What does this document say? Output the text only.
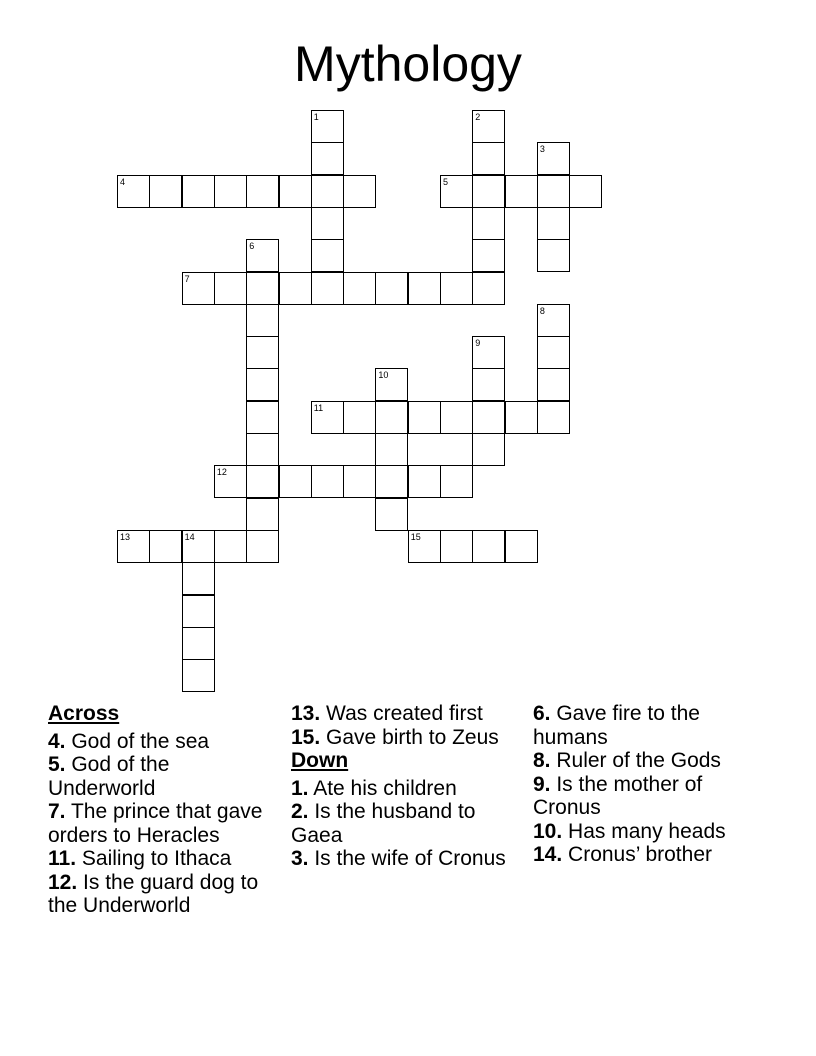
Mythology
1	2
3
4	5
6
7
8
9
10
11
12
13	14	15

Across

4. God of the sea

5. God of the Underworld

7. The prince that gave orders to Heracles

11. Sailing to Ithaca

12. Is the guard dog to the Underworld

13. Was created first

15. Gave birth to Zeus

Down

1. Ate his children

2. Is the husband to Gaea

3. Is the wife of Cronus

6. Gave fire to the humans

8. Ruler of the Gods

9. Is the mother of Cronus

10. Has many heads

14. Cronus’ brother
